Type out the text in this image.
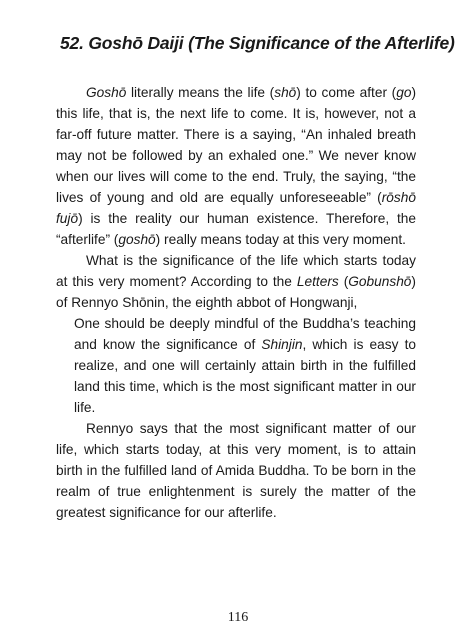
52. Goshō Daiji (The Significance of the Afterlife)

Goshō literally means the life (shō) to come after (go) this life, that is, the next life to come. It is, however, not a far-off future matter. There is a saying, “An inhaled breath may not be followed by an exhaled one.” We never know when our lives will come to the end. Truly, the saying, “the lives of young and old are equally unforeseeable” (rōshō fujō) is the reality our human existence. Therefore, the “afterlife” (goshō) really means today at this very moment.

What is the significance of the life which starts today at this very moment? According to the Letters (Gobunshō) of Rennyo Shōnin, the eighth abbot of Hongwanji,

One should be deeply mindful of the Buddha’s teaching and know the significance of Shinjin, which is easy to realize, and one will certainly attain birth in the fulfilled land this time, which is the most significant matter in our life.

Rennyo says that the most significant matter of our life, which starts today, at this very moment, is to attain birth in the fulfilled land of Amida Buddha. To be born in the realm of true enlightenment is surely the matter of the greatest significance for our afterlife.

116
